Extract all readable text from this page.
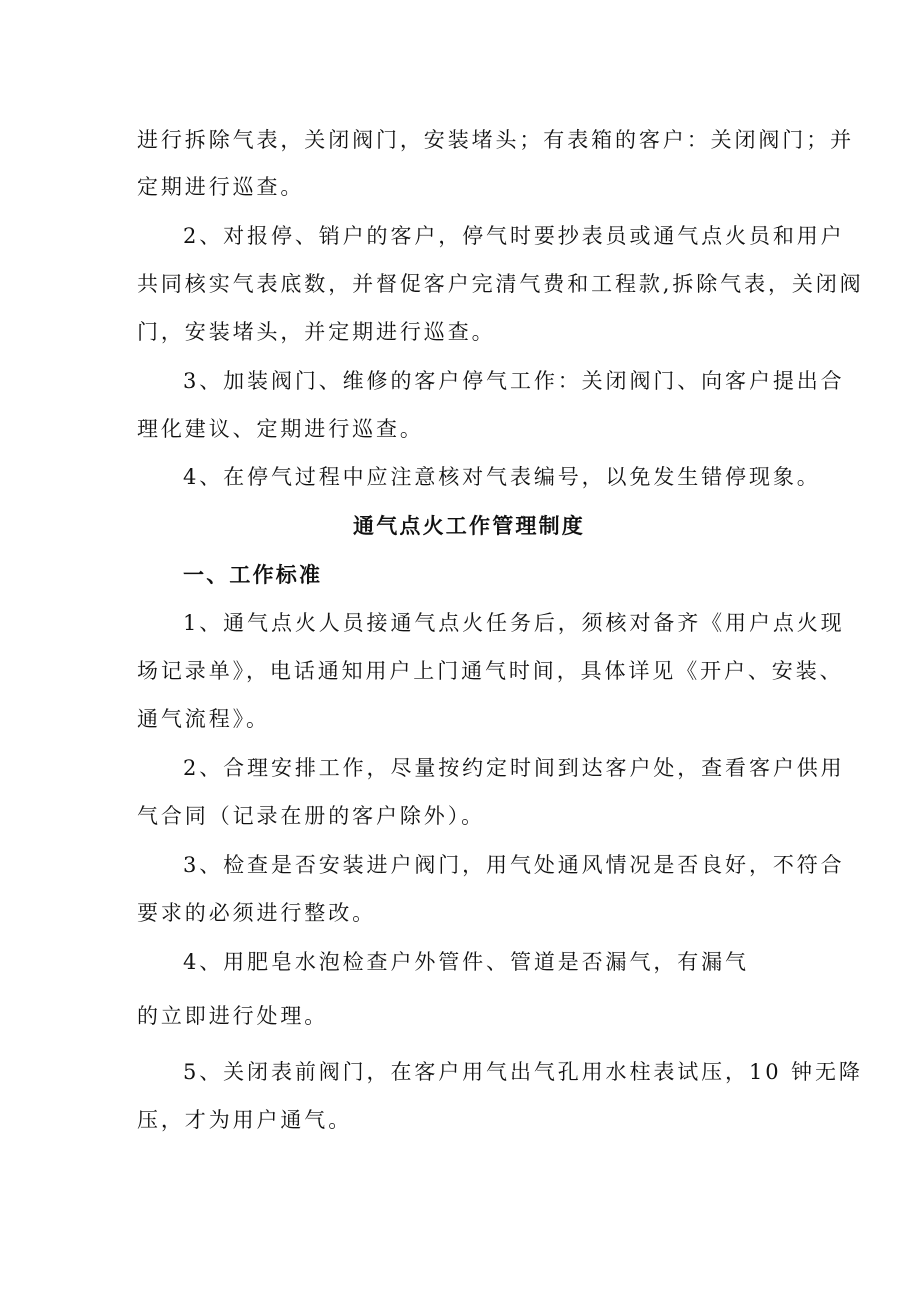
进行拆除气表，关闭阀门，安装堵头；有表箱的客户：关闭阀门；并
定期进行巡查。
2、对报停、销户的客户，停气时要抄表员或通气点火员和用户
共同核实气表底数，并督促客户完清气费和工程款,拆除气表，关闭阀
门，安装堵头，并定期进行巡查。
3、加装阀门、维修的客户停气工作：关闭阀门、向客户提出合
理化建议、定期进行巡查。
4、在停气过程中应注意核对气表编号，以免发生错停现象。
通气点火工作管理制度
一、工作标准
1、通气点火人员接通气点火任务后，须核对备齐《用户点火现
场记录单》，电话通知用户上门通气时间，具体详见《开户、安装、
通气流程》。
2、合理安排工作，尽量按约定时间到达客户处，查看客户供用
气合同（记录在册的客户除外）。
3、检查是否安装进户阀门，用气处通风情况是否良好，不符合
要求的必须进行整改。
4、用肥皂水泡检查户外管件、管道是否漏气，有漏气
的立即进行处理。
5、关闭表前阀门，在客户用气出气孔用水柱表试压，10 钟无降
压，才为用户通气。
